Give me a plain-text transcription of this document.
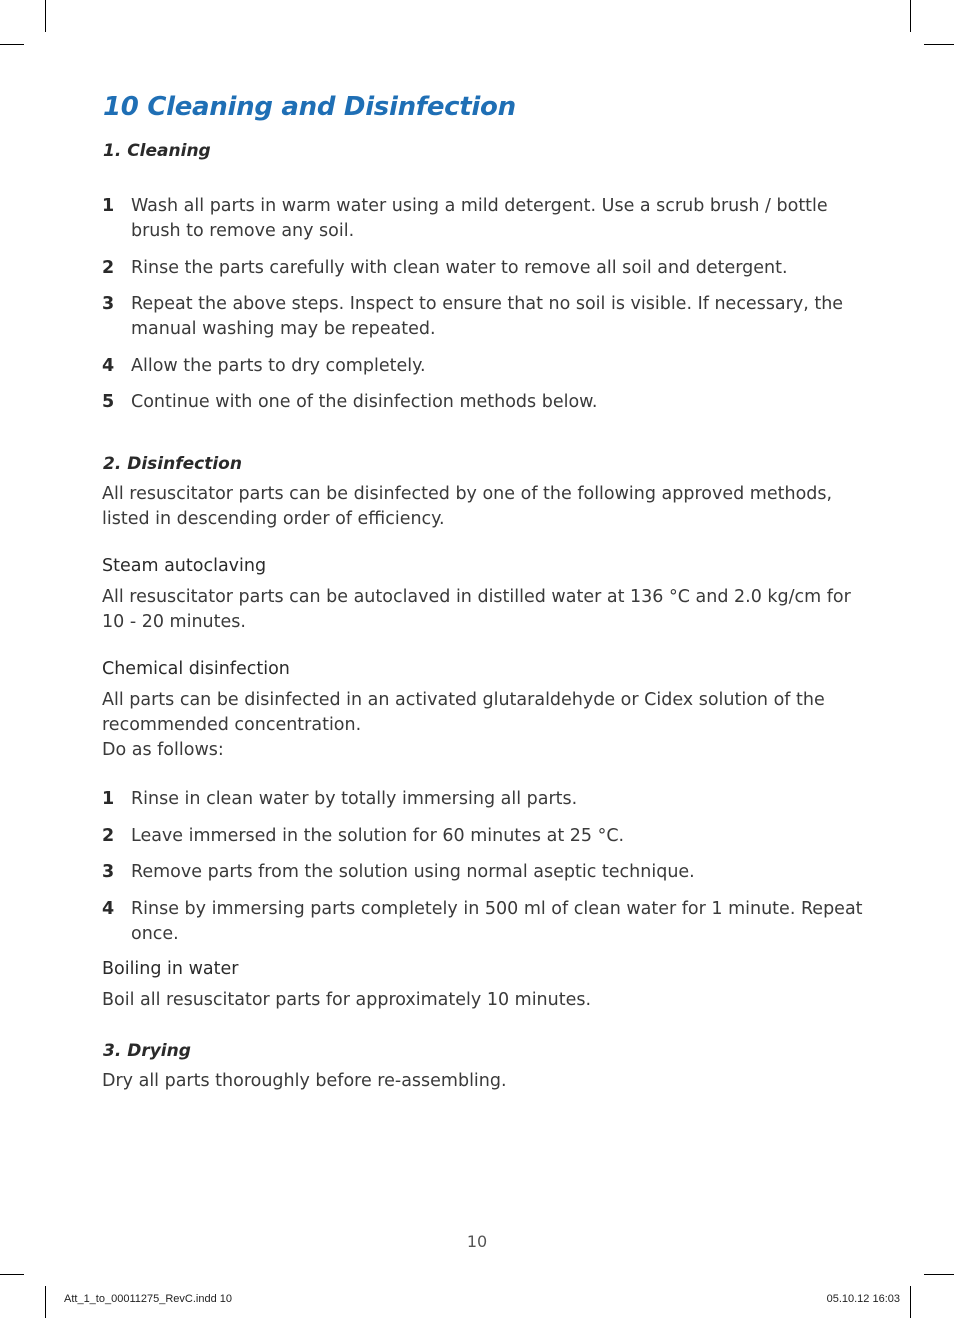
10 Cleaning and Disinfection
1. Cleaning
1 Wash all parts in warm water using a mild detergent. Use a scrub brush / bottle brush to remove any soil.
2 Rinse the parts carefully with clean water to remove all soil and detergent.
3 Repeat the above steps. Inspect to ensure that no soil is visible. If necessary, the manual washing may be repeated.
4 Allow the parts to dry completely.
5 Continue with one of the disinfection methods below.
2. Disinfection

All resuscitator parts can be disinfected by one of the following approved methods, listed in descending order of efficiency.

Steam autoclaving
All resuscitator parts can be autoclaved in distilled water at 136 °C and 2.0 kg/cm for
10 - 20 minutes.
Chemical disinfection
All parts can be disinfected in an activated glutaraldehyde or Cidex solution of the
recommended concentration.
Do as follows:
1 Rinse in clean water by totally immersing all parts.
2 Leave immersed in the solution for 60 minutes at 25 °C.
3 Remove parts from the solution using normal aseptic technique.
4 Rinse by immersing parts completely in 500 ml of clean water for 1 minute. Repeat once.
Boiling in water

Boil all resuscitator parts for approximately 10 minutes.

3. Drying

Dry all parts thoroughly before re-assembling.

10
Att_1_to_00011275_RevC.indd 10	05.10.12 16:03
